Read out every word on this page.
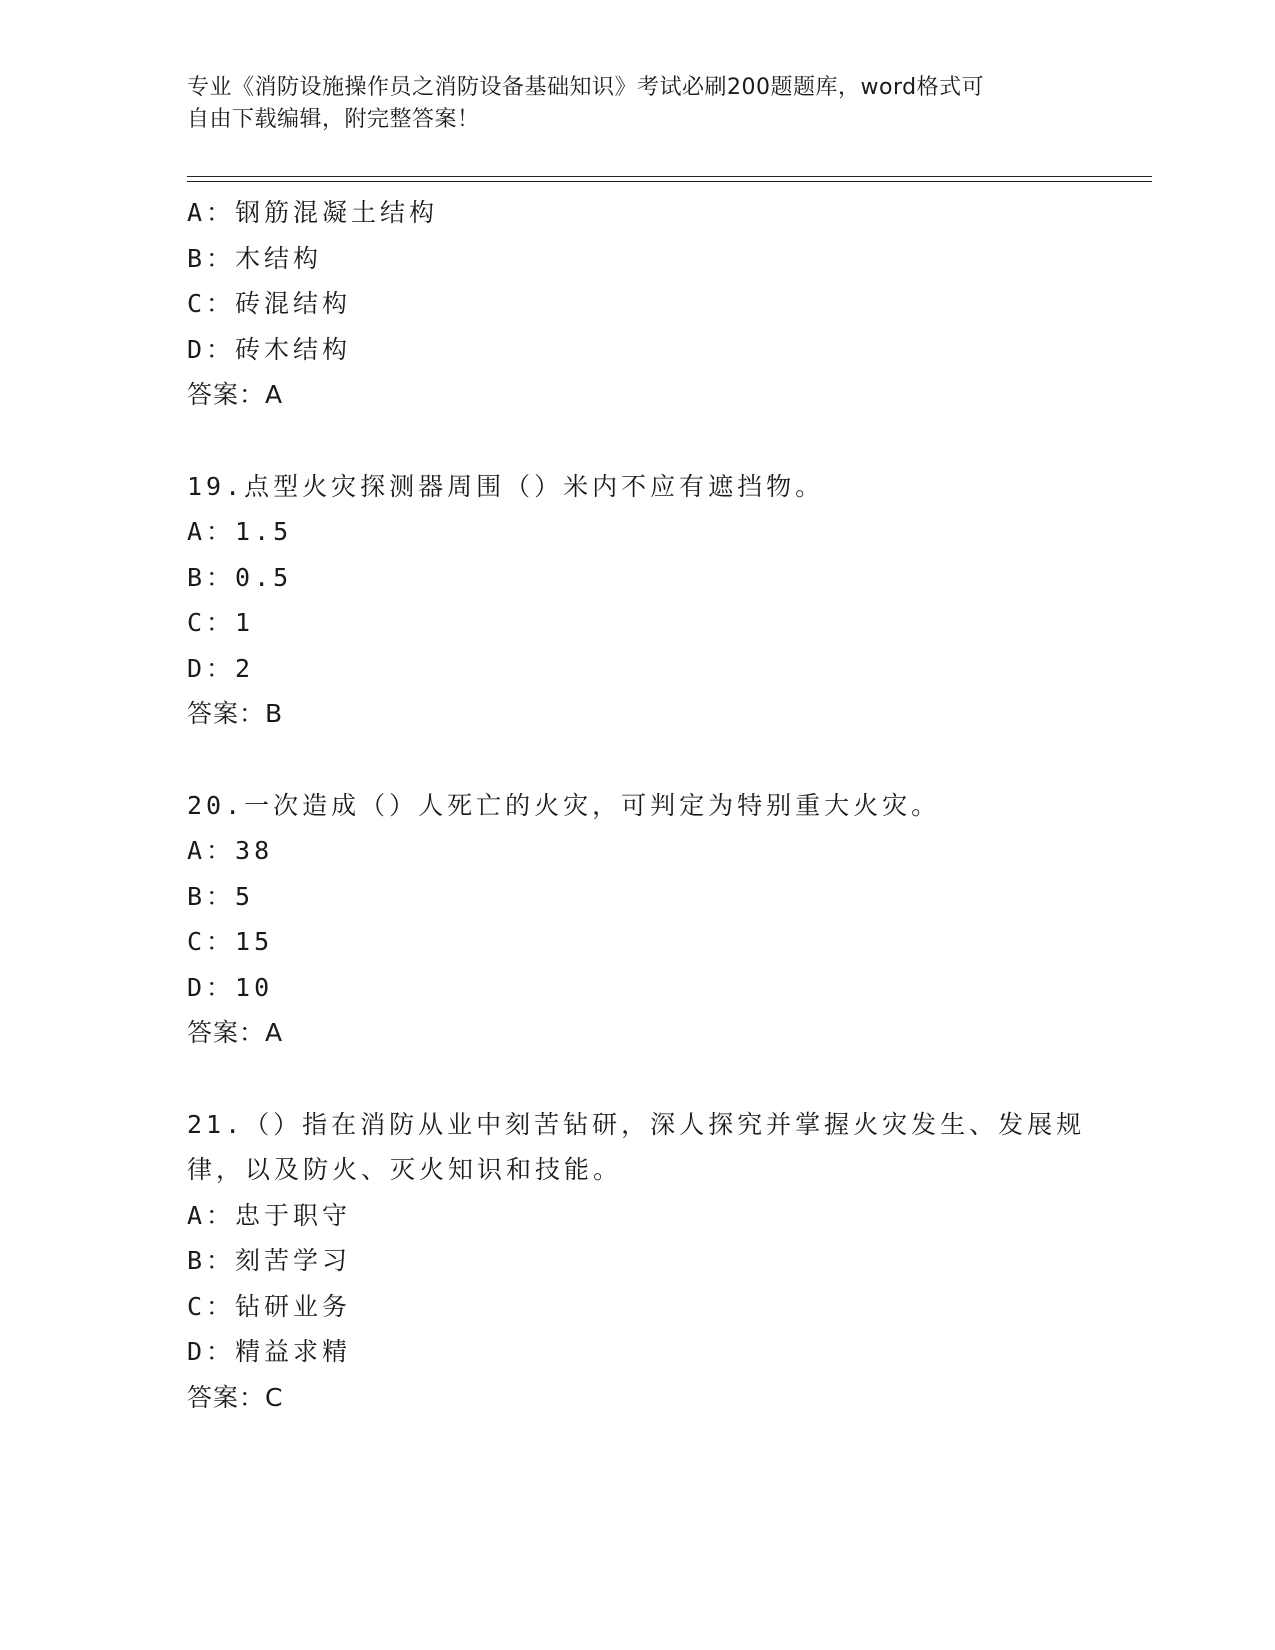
专业《消防设施操作员之消防设备基础知识》考试必刷200题题库，word格式可
自由下载编辑，附完整答案！
A：钢筋混凝土结构
B：木结构
C：砖混结构
D：砖木结构
答案：A
19.点型火灾探测器周围（）米内不应有遮挡物。
A：1.5
B：0.5
C：1
D：2
答案：B
20.一次造成（）人死亡的火灾，可判定为特别重大火灾。
A：38
B：5
C：15
D：10
答案：A
21.（）指在消防从业中刻苦钻研，深人探究并掌握火灾发生、发展规
律，以及防火、灭火知识和技能。
A：忠于职守
B：刻苦学习
C：钻研业务
D：精益求精
答案：C
